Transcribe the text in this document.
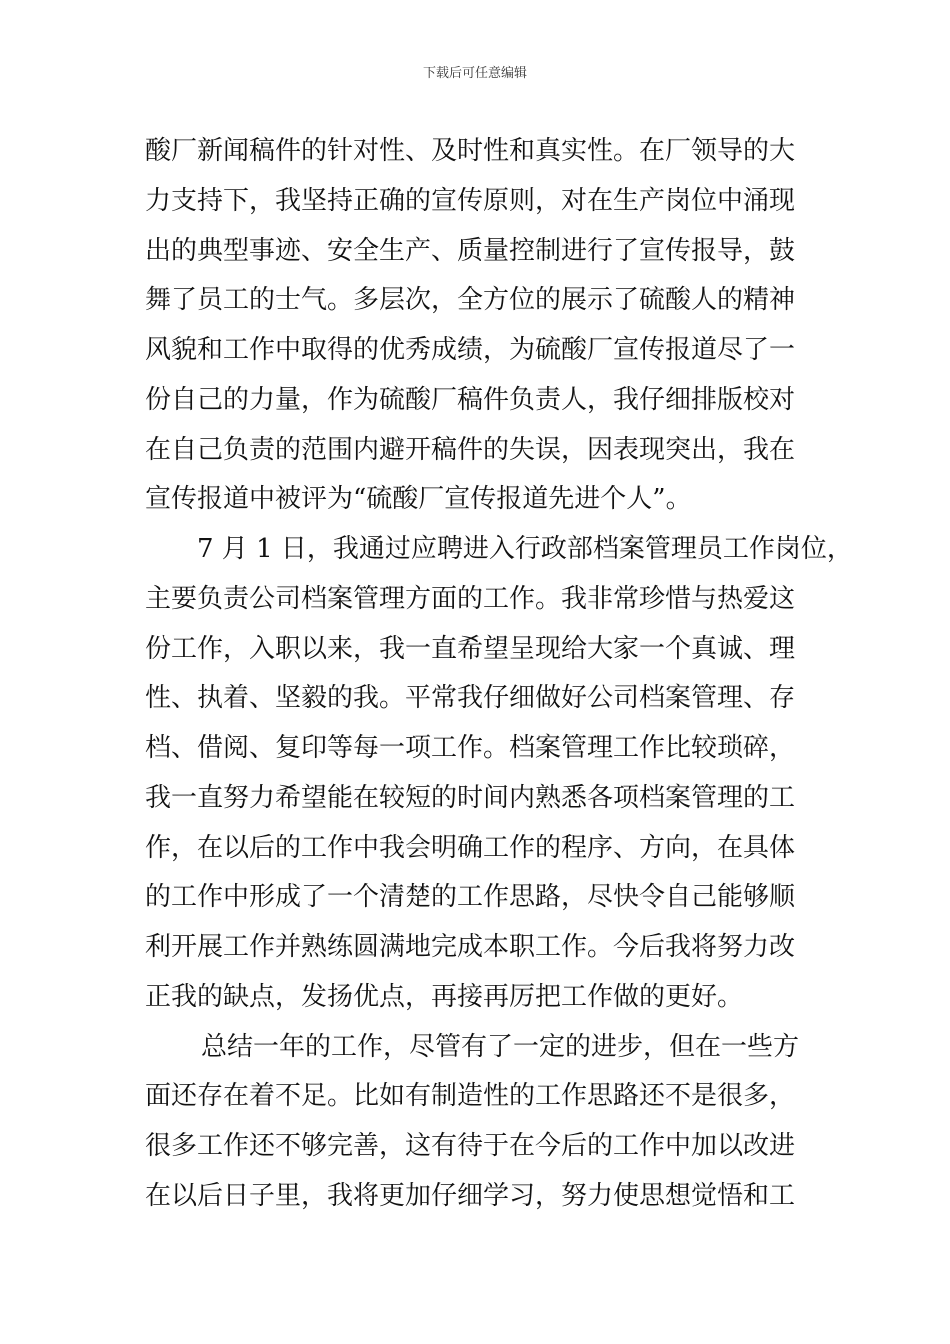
下载后可任意编辑
酸厂新闻稿件的针对性、及时性和真实性。在厂领导的大
力支持下，我坚持正确的宣传原则，对在生产岗位中涌现
出的典型事迹、安全生产、质量控制进行了宣传报导，鼓
舞了员工的士气。多层次，全方位的展示了硫酸人的精神
风貌和工作中取得的优秀成绩，为硫酸厂宣传报道尽了一
份自己的力量，作为硫酸厂稿件负责人，我仔细排版校对
在自己负责的范围内避开稿件的失误，因表现突出，我在
宣传报道中被评为“硫酸厂宣传报道先进个人”。
7 月 1 日，我通过应聘进入行政部档案管理员工作岗位，
主要负责公司档案管理方面的工作。我非常珍惜与热爱这
份工作，入职以来，我一直希望呈现给大家一个真诚、理
性、执着、坚毅的我。平常我仔细做好公司档案管理、存
档、借阅、复印等每一项工作。档案管理工作比较琐碎，
我一直努力希望能在较短的时间内熟悉各项档案管理的工
作，在以后的工作中我会明确工作的程序、方向，在具体
的工作中形成了一个清楚的工作思路，尽快令自己能够顺
利开展工作并熟练圆满地完成本职工作。今后我将努力改
正我的缺点，发扬优点，再接再厉把工作做的更好。
总结一年的工作，尽管有了一定的进步，但在一些方
面还存在着不足。比如有制造性的工作思路还不是很多，
很多工作还不够完善，这有待于在今后的工作中加以改进
在以后日子里，我将更加仔细学习，努力使思想觉悟和工
